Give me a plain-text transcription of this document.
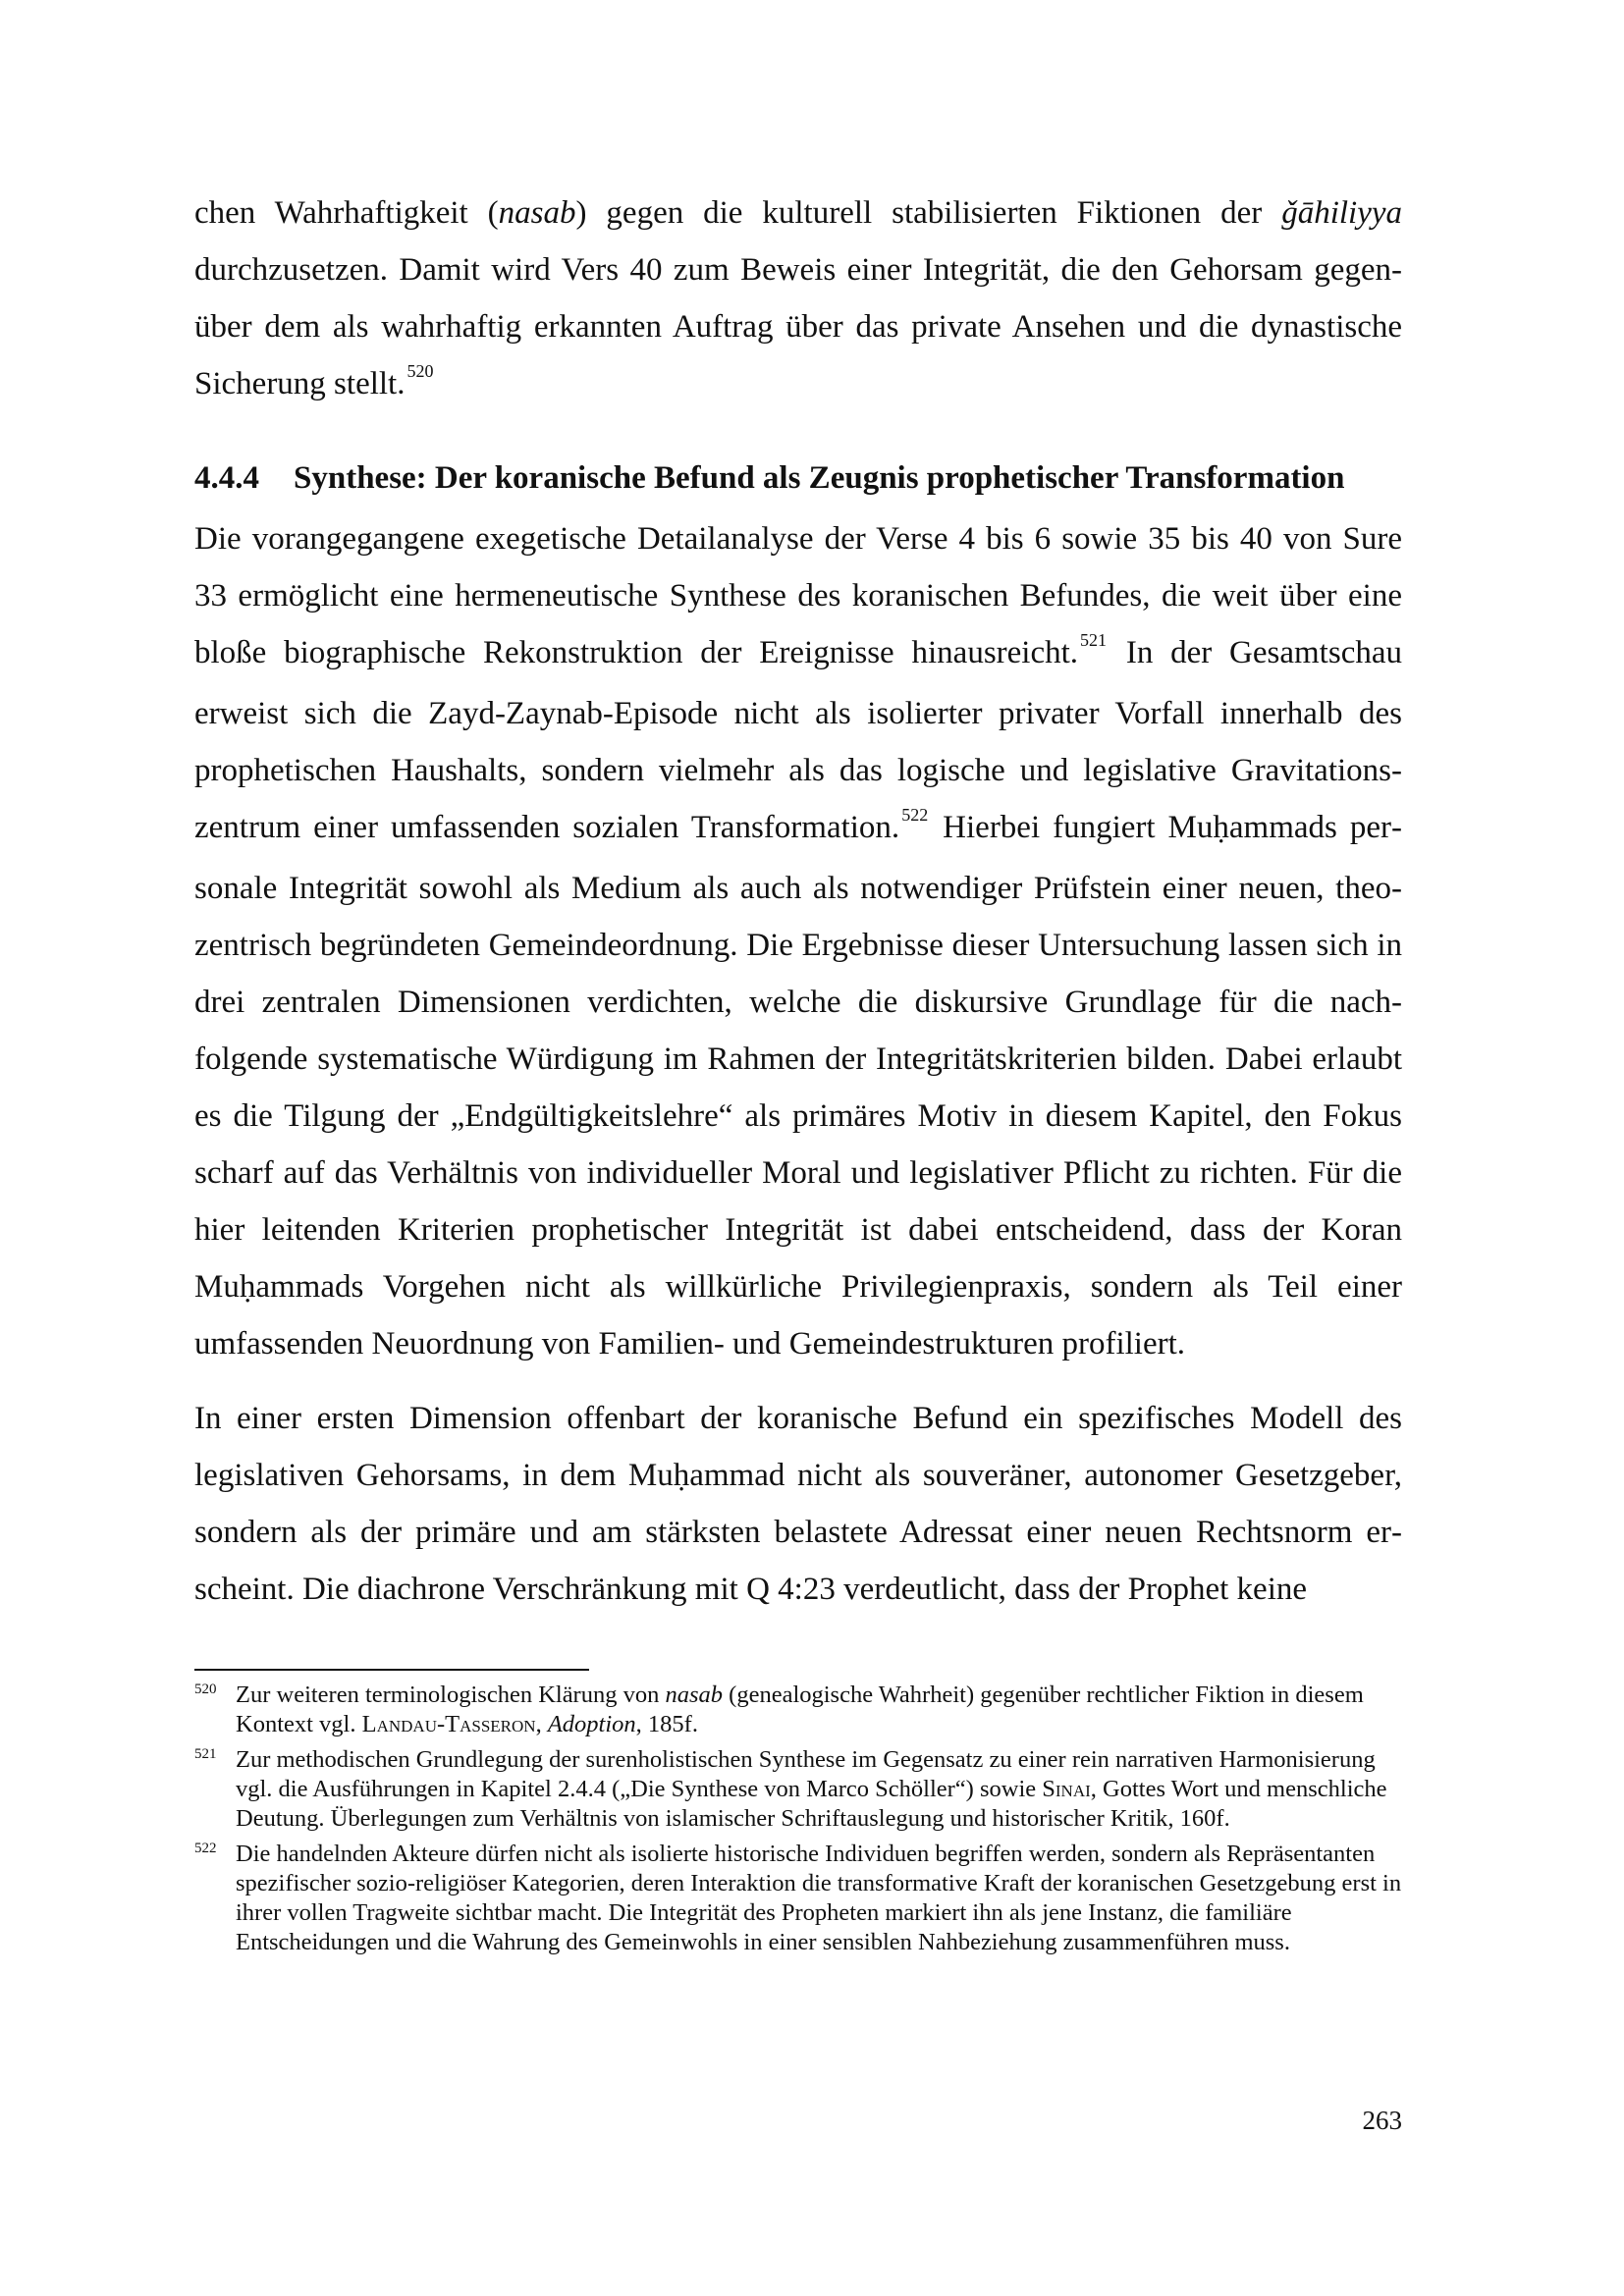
chen Wahrhaftigkeit (nasab) gegen die kulturell stabilisierten Fiktionen der ǧāhiliyya durchzusetzen. Damit wird Vers 40 zum Beweis einer Integrität, die den Gehorsam gegenüber dem als wahrhaftig erkannten Auftrag über das private Ansehen und die dynastische Sicherung stellt. $^{520}$

4.4.4 Synthese: Der koranische Befund als Zeugnis prophetischer Transformation

Die vorangegangene exegetische Detailanalyse der Verse 4 bis 6 sowie 35 bis 40 von Sure 33 ermöglicht eine hermeneutische Synthese des koranischen Befundes, die weit über eine bloße biographische Rekonstruktion der Ereignisse hinausreicht. $^{521}$ In der Gesamtschau erweist sich die Zayd-Zaynab-Episode nicht als isolierter privater Vorfall innerhalb des prophetischen Haushalts, sondern vielmehr als das logische und legislative Gravitationszentrum einer umfassenden sozialen Transformation. $^{522}$ Hierbei fungiert Muḥammads personale Integrität sowohl als Medium als auch als notwendiger Prüfstein einer neuen, theozentrisch begründeten Gemeindeordnung. Die Ergebnisse dieser Untersuchung lassen sich in drei zentralen Dimensionen verdichten, welche die diskursive Grundlage für die nachfolgende systematische Würdigung im Rahmen der Integritätskriterien bilden. Dabei erlaubt es die Tilgung der „Endgültigkeitslehre“ als primäres Motiv in diesem Kapitel, den Fokus scharf auf das Verhältnis von individueller Moral und legislativer Pflicht zu richten. Für die hier leitenden Kriterien prophetischer Integrität ist dabei entscheidend, dass der Koran Muḥammads Vorgehen nicht als willkürliche Privilegienpraxis, sondern als Teil einer umfassenden Neuordnung von Familien- und Gemeindestrukturen profiliert.

In einer ersten Dimension offenbart der koranische Befund ein spezifisches Modell des legislativen Gehorsams, in dem Muḥammad nicht als souveräner, autonomer Gesetzgeber, sondern als der primäre und am stärksten belastete Adressat einer neuen Rechtsnorm erscheint. Die diachrone Verschränkung mit Q 4:23 verdeutlicht, dass der Prophet keine

520 Zur weiteren terminologischen Klärung von nasab (genealogische Wahrheit) gegenüber rechtlicher Fiktion in diesem Kontext vgl. Landau-Tasseron, Adoption, 185f.
521 Zur methodischen Grundlegung der surenholistischen Synthese im Gegensatz zu einer rein narrativen Harmonisierung vgl. die Ausführungen in Kapitel 2.4.4 („Die Synthese von Marco Schöller“) sowie Sinai, Gottes Wort und menschliche Deutung. Überlegungen zum Verhältnis von islamischer Schriftauslegung und historischer Kritik, 160f.
522 Die handelnden Akteure dürfen nicht als isolierte historische Individuen begriffen werden, sondern als Repräsentanten spezifischer sozio-religiöser Kategorien, deren Interaktion die transformative Kraft der koranischen Gesetzgebung erst in ihrer vollen Tragweite sichtbar macht. Die Integrität des Propheten markiert ihn als jene Instanz, die familiäre Entscheidungen und die Wahrung des Gemeinwohls in einer sensiblen Nahbeziehung zusammenführen muss.
263
